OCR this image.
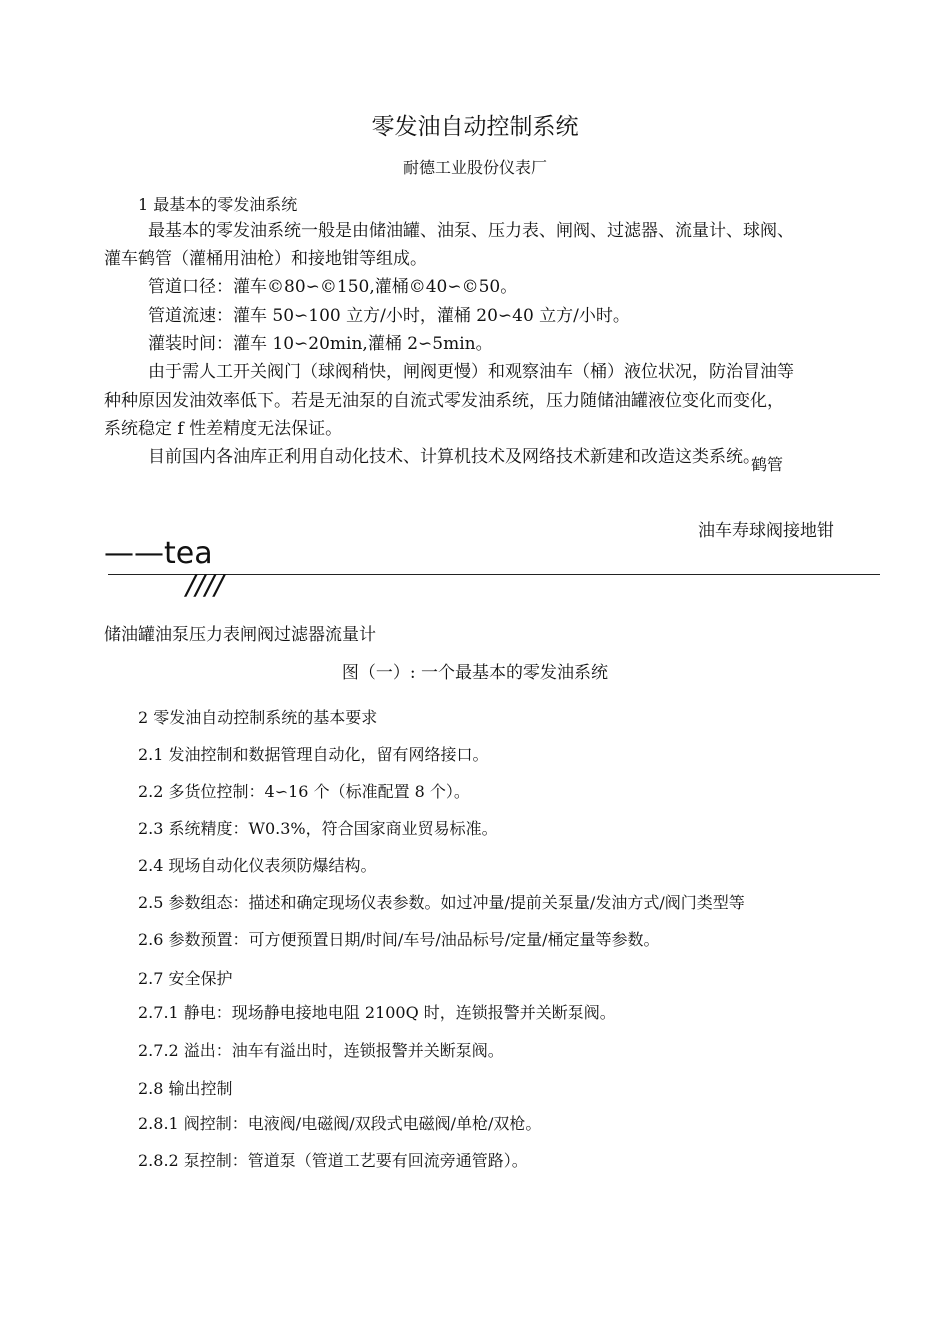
零发油自动控制系统
耐德工业股份仪表厂
1 最基本的零发油系统
最基本的零发油系统一般是由储油罐、油泵、压力表、闸阀、过滤器、流量计、球阀、
灌车鹤管（灌桶用油枪）和接地钳等组成。
管道口径：灌车©80∽©150,灌桶©40∽©50。
管道流速：灌车 50∽100 立方/小时，灌桶 20∽40 立方/小时。
灌装时间：灌车 10∽20min,灌桶 2∽5min。
由于需人工开关阀门（球阀稍快，闸阀更慢）和观察油车（桶）液位状况，防治冒油等
种种原因发油效率低下。若是无油泵的自流式零发油系统，压力随储油罐液位变化而变化，
系统稳定 f 性差精度无法保证。
目前国内各油库正利用自动化技术、计算机技术及网络技术新建和改造这类系统。
鹤管
油车寿球阀接地钳
——tea
////
储油罐油泵压力表闸阀过滤器流量计
图（一）: 一个最基本的零发油系统
2 零发油自动控制系统的基本要求
2.1 发油控制和数据管理自动化，留有网络接口。
2.2 多货位控制：4∽16 个（标准配置 8 个）。
2.3 系统精度：W0.3%，符合国家商业贸易标准。
2.4 现场自动化仪表须防爆结构。
2.5 参数组态：描述和确定现场仪表参数。如过冲量/提前关泵量/发油方式/阀门类型等
2.6 参数预置：可方便预置日期/时间/车号/油品标号/定量/桶定量等参数。
2.7 安全保护
2.7.1 静电：现场静电接地电阻 2100Q 时，连锁报警并关断泵阀。
2.7.2 溢出：油车有溢出时，连锁报警并关断泵阀。
2.8 输出控制
2.8.1 阀控制：电液阀/电磁阀/双段式电磁阀/单枪/双枪。
2.8.2 泵控制：管道泵（管道工艺要有回流旁通管路）。
